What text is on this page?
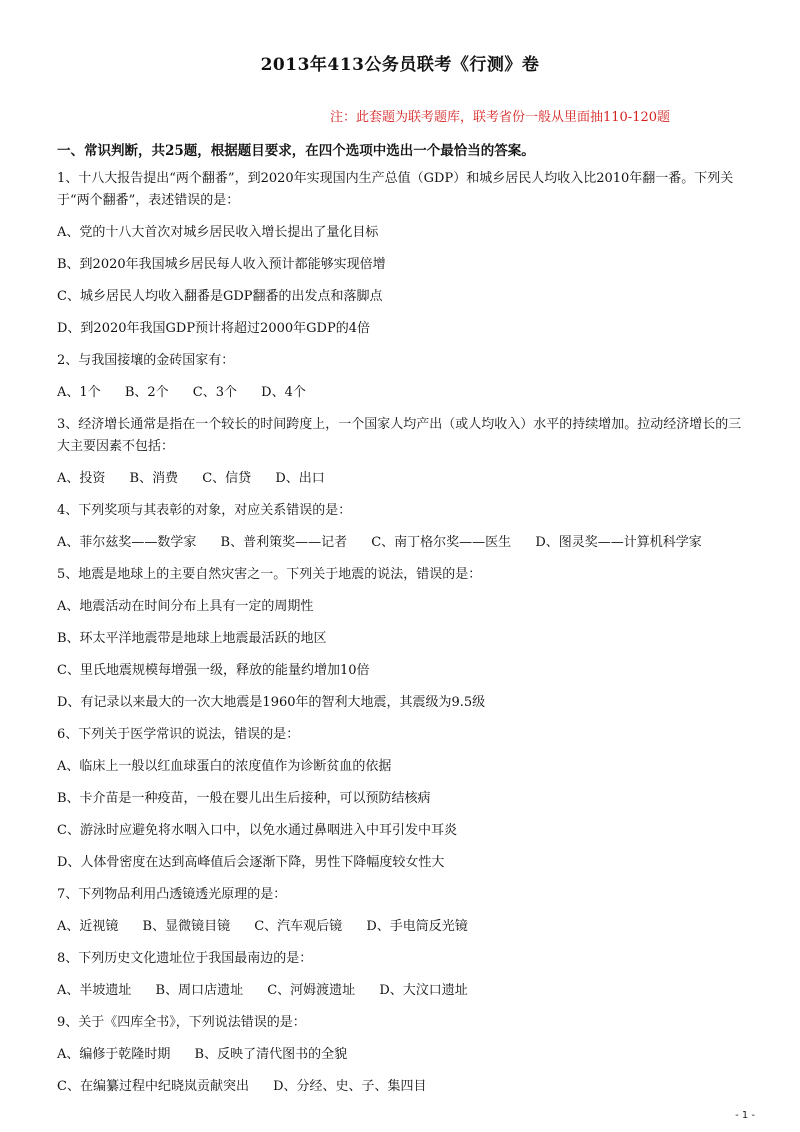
2013年413公务员联考《行测》卷
注：此套题为联考题库，联考省份一般从里面抽110-120题
一、常识判断，共25题，根据题目要求，在四个选项中选出一个最恰当的答案。

1、十八大报告提出“两个翻番”，到2020年实现国内生产总值（GDP）和城乡居民人均收入比2010年翻一番。下列关于“两个翻番”，表述错误的是：

A、党的十八大首次对城乡居民收入增长提出了量化目标
B、到2020年我国城乡居民每人收入预计都能够实现倍增
C、城乡居民人均收入翻番是GDP翻番的出发点和落脚点
D、到2020年我国GDP预计将超过2000年GDP的4倍

2、与我国接壤的金砖国家有：

A、1个 B、2个 C、3个 D、4个

3、经济增长通常是指在一个较长的时间跨度上，一个国家人均产出（或人均收入）水平的持续增加。拉动经济增长的三大主要因素不包括：

A、投资 B、消费 C、信贷 D、出口

4、下列奖项与其表彰的对象，对应关系错误的是：

A、菲尔兹奖——数学家 B、普利策奖——记者 C、南丁格尔奖——医生 D、图灵奖——计算机科学家

5、地震是地球上的主要自然灾害之一。下列关于地震的说法，错误的是：

A、地震活动在时间分布上具有一定的周期性
B、环太平洋地震带是地球上地震最活跃的地区
C、里氏地震规模每增强一级，释放的能量约增加10倍
D、有记录以来最大的一次大地震是1960年的智利大地震，其震级为9.5级

6、下列关于医学常识的说法，错误的是：

A、临床上一般以红血球蛋白的浓度值作为诊断贫血的依据
B、卡介苗是一种疫苗，一般在婴儿出生后接种，可以预防结核病
C、游泳时应避免将水咽入口中，以免水通过鼻咽进入中耳引发中耳炎
D、人体骨密度在达到高峰值后会逐渐下降，男性下降幅度较女性大

7、下列物品利用凸透镜透光原理的是：

A、近视镜 B、显微镜目镜 C、汽车观后镜 D、手电筒反光镜

8、下列历史文化遗址位于我国最南边的是：

A、半坡遗址 B、周口店遗址 C、河姆渡遗址 D、大汶口遗址

9、关于《四库全书》，下列说法错误的是：

A、编修于乾隆时期 B、反映了清代图书的全貌
C、在编纂过程中纪晓岚贡献突出 D、分经、史、子、集四目
- 1 -
